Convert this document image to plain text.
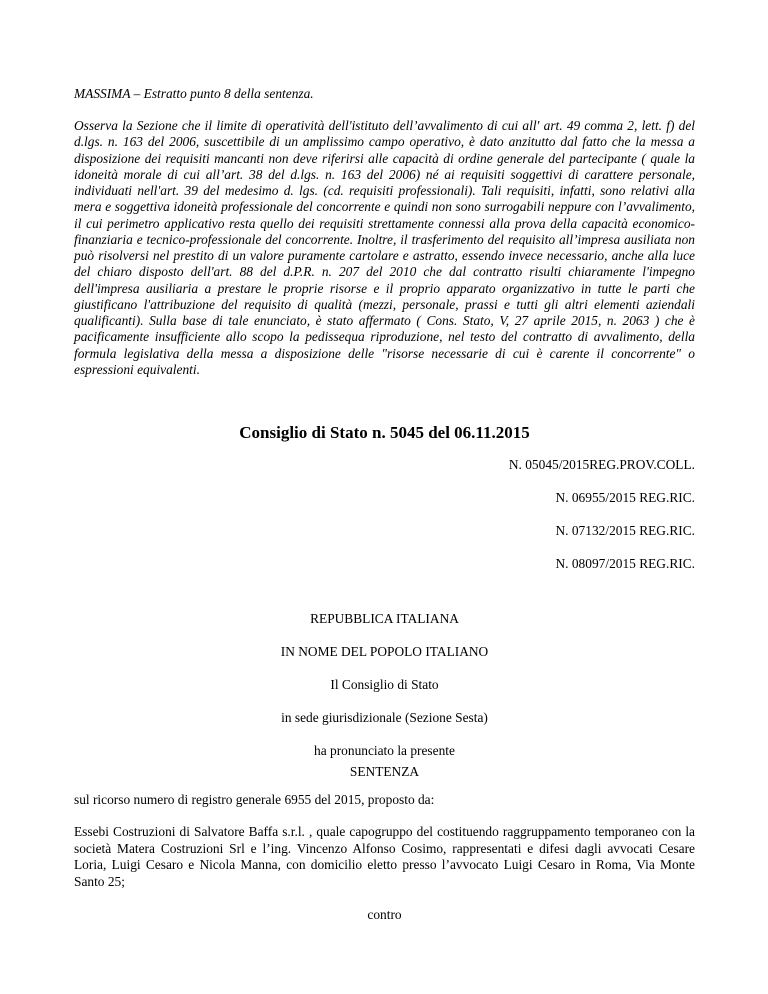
MASSIMA – Estratto punto 8 della sentenza.
Osserva la Sezione che il limite di operatività dell'istituto dell’avvalimento di cui all' art. 49 comma 2, lett. f) del d.lgs. n. 163 del 2006, suscettibile di un amplissimo campo operativo, è dato anzitutto dal fatto che la messa a disposizione dei requisiti mancanti non deve riferirsi alle capacità di ordine generale del partecipante ( quale la idoneità morale di cui all’art. 38 del d.lgs. n. 163 del 2006) né ai requisiti soggettivi di carattere personale, individuati nell'art. 39 del medesimo d. lgs. (cd. requisiti professionali). Tali requisiti, infatti, sono relativi alla mera e soggettiva idoneità professionale del concorrente e quindi non sono surrogabili neppure con l’avvalimento, il cui perimetro applicativo resta quello dei requisiti strettamente connessi alla prova della capacità economico-finanziaria e tecnico-professionale del concorrente. Inoltre, il trasferimento del requisito all’impresa ausiliata non può risolversi nel prestito di un valore puramente cartolare e astratto, essendo invece necessario, anche alla luce del chiaro disposto dell'art. 88 del d.P.R. n. 207 del 2010 che dal contratto risulti chiaramente l'impegno dell'impresa ausiliaria a prestare le proprie risorse e il proprio apparato organizzativo in tutte le parti che giustificano l'attribuzione del requisito di qualità (mezzi, personale, prassi e tutti gli altri elementi aziendali qualificanti). Sulla base di tale enunciato, è stato affermato ( Cons. Stato, V, 27 aprile 2015, n. 2063 ) che è pacificamente insufficiente allo scopo la pedissequa riproduzione, nel testo del contratto di avvalimento, della formula legislativa della messa a disposizione delle "risorse necessarie di cui è carente il concorrente" o espressioni equivalenti.
Consiglio di Stato n. 5045 del 06.11.2015
N. 05045/2015REG.PROV.COLL.
N. 06955/2015 REG.RIC.
N. 07132/2015 REG.RIC.
N. 08097/2015 REG.RIC.
REPUBBLICA ITALIANA
IN NOME DEL POPOLO ITALIANO
Il Consiglio di Stato
in sede giurisdizionale (Sezione Sesta)
ha pronunciato la presente
SENTENZA
sul ricorso numero di registro generale 6955 del 2015, proposto da:
Essebi Costruzioni di Salvatore Baffa s.r.l. , quale capogruppo del costituendo raggruppamento temporaneo con la società Matera Costruzioni Srl e l’ing. Vincenzo Alfonso Cosimo, rappresentati e difesi dagli avvocati Cesare Loria, Luigi Cesaro e Nicola Manna, con domicilio eletto presso l’avvocato Luigi Cesaro in Roma, Via Monte Santo 25;
contro
